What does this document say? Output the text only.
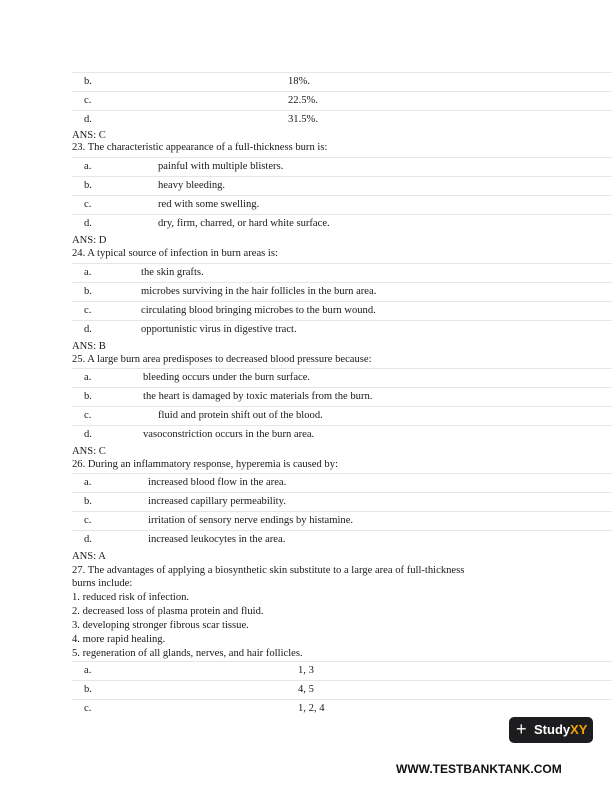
b.	18%.
c.	22.5%.
d.	31.5%.
ANS: C
23. The characteristic appearance of a full-thickness burn is:
a.	painful with multiple blisters.
b.	heavy bleeding.
c.	red with some swelling.
d.	dry, firm, charred, or hard white surface.
ANS: D
24. A typical source of infection in burn areas is:
a.	the skin grafts.
b.	microbes surviving in the hair follicles in the burn area.
c.	circulating blood bringing microbes to the burn wound.
d.	opportunistic virus in digestive tract.
ANS: B
25. A large burn area predisposes to decreased blood pressure because:
a.	bleeding occurs under the burn surface.
b.	the heart is damaged by toxic materials from the burn.
c.	fluid and protein shift out of the blood.
d.	vasoconstriction occurs in the burn area.
ANS: C
26. During an inflammatory response, hyperemia is caused by:
a.	increased blood flow in the area.
b.	increased capillary permeability.
c.	irritation of sensory nerve endings by histamine.
d.	increased leukocytes in the area.
ANS: A
27. The advantages of applying a biosynthetic skin substitute to a large area of full-thickness
burns include:
1. reduced risk of infection.
2. decreased loss of plasma protein and fluid.
3. developing stronger fibrous scar tissue.
4. more rapid healing.
5. regeneration of all glands, nerves, and hair follicles.
a.	1, 3
b.	4, 5
c.	1, 2, 4
+ StudyXY
WWW.TESTBANKTANK.COM
